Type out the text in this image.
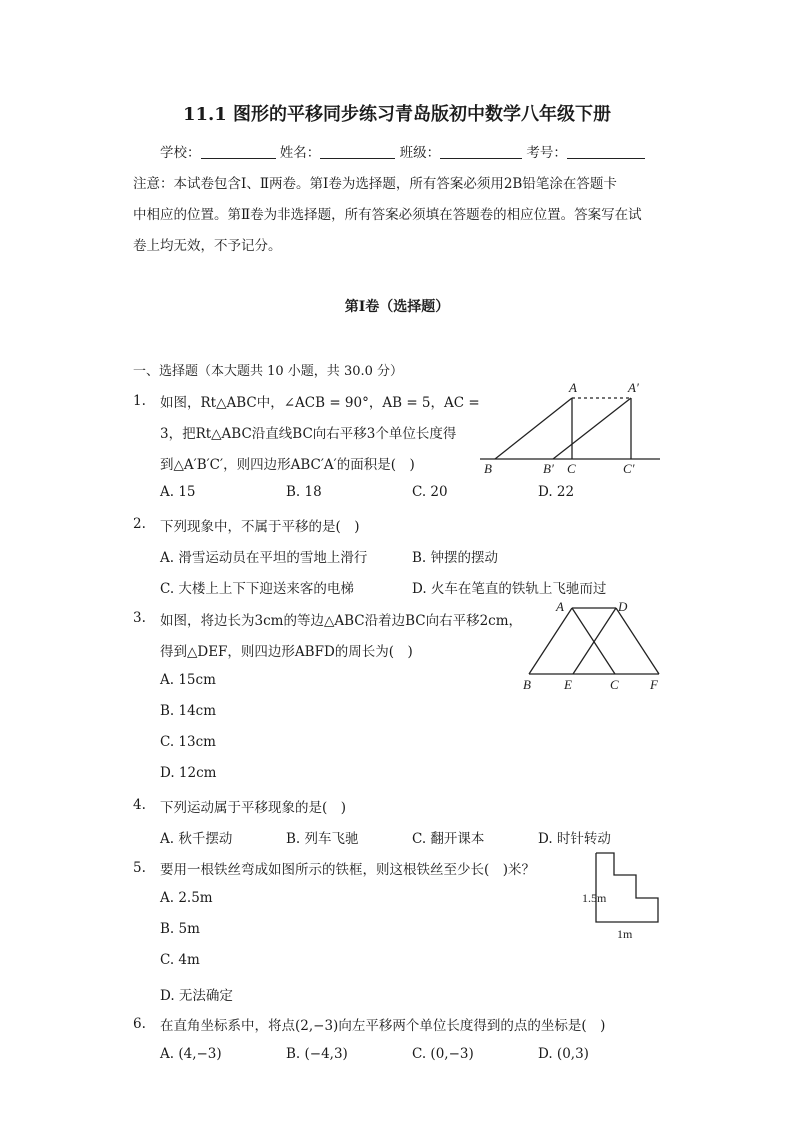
11.1 图形的平移同步练习青岛版初中数学八年级下册
学校：	姓名：	班级：	考号：
注意：本试卷包含Ⅰ、Ⅱ两卷。第Ⅰ卷为选择题，所有答案必须用2B铅笔涂在答题卡
中相应的位置。第Ⅱ卷为非选择题，所有答案必须填在答题卷的相应位置。答案写在试
卷上均无效，不予记分。
第Ⅰ卷（选择题）
一、选择题（本大题共 10 小题，共 30.0 分）
1. 如图，Rt△ABC中，∠ACB = 90°，AB = 5，AC =
3，把Rt△ABC沿直线BC向右平移3个单位长度得
到△A′B′C′，则四边形ABC′A′的面积是(　)
A. 15	B. 18	C. 20	D. 22
A	A′
B	B′ C	C′
2. 下列现象中，不属于平移的是(　)
A. 滑雪运动员在平坦的雪地上滑行	B. 钟摆的摆动
C. 大楼上上下下迎送来客的电梯	D. 火车在笔直的铁轨上飞驰而过
3. 如图，将边长为3cm的等边△ABC沿着边BC向右平移2cm，
得到△DEF，则四边形ABFD的周长为(　)
A. 15cm
B. 14cm
C. 13cm
D. 12cm
A	D
B	E	C F
4. 下列运动属于平移现象的是(　)
A. 秋千摆动	B. 列车飞驰	C. 翻开课本	D. 时针转动
5. 要用一根铁丝弯成如图所示的铁框，则这根铁丝至少长(　)米？
A. 2.5m
B. 5m
C. 4m
D. 无法确定
1.5m
1m
6. 在直角坐标系中，将点(2,−3)向左平移两个单位长度得到的点的坐标是(　)
A. (4,−3)	B. (−4,3)	C. (0,−3)	D. (0,3)
